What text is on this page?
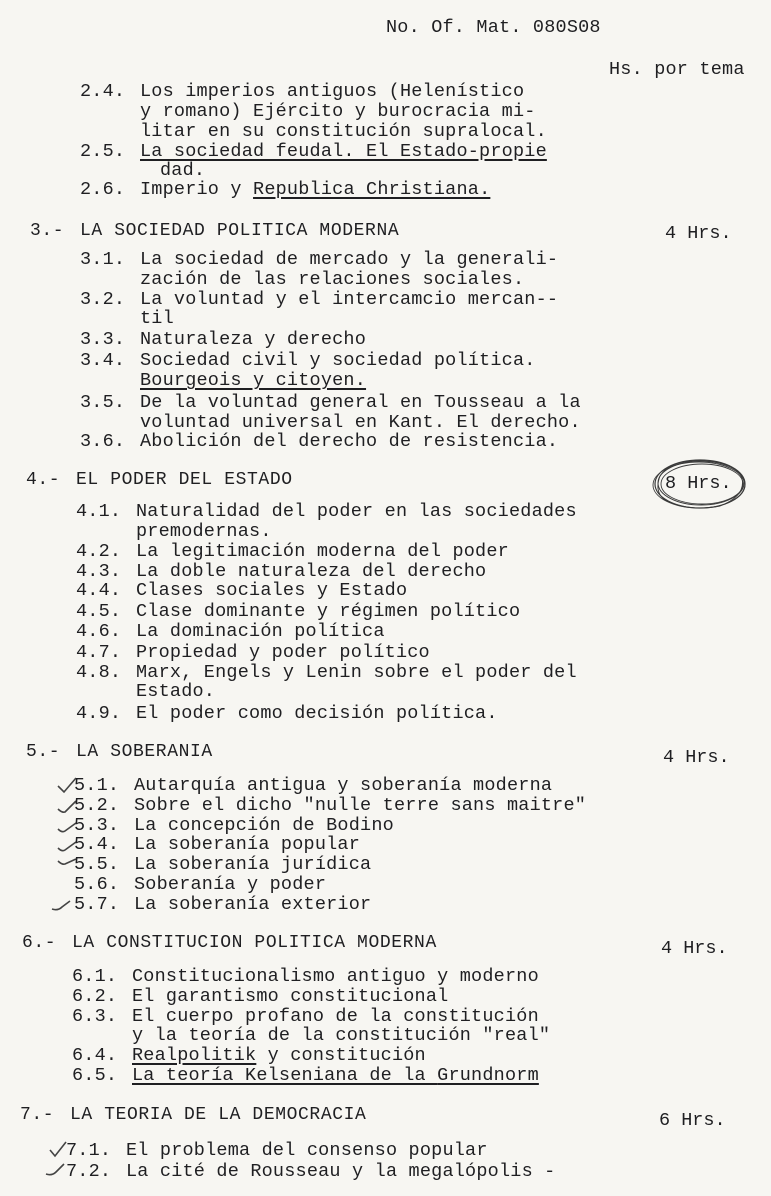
No. Of. Mat. 080S08
Hs. por tema
2.4. Los imperios antiguos (Helenístico
y romano) Ejército y burocracia mi-
litar en su constitución supralocal.
2.5. La sociedad feudal. El Estado-propie
dad.
2.6. Imperio y Republica Christiana.
3.- LA SOCIEDAD POLITICA MODERNA	4 Hrs.
3.1. La sociedad de mercado y la generali-
zación de las relaciones sociales.
3.2. La voluntad y el intercamcio mercan--
til
3.3. Naturaleza y derecho
3.4. Sociedad civil y sociedad política.
Bourgeois y citoyen.
3.5. De la voluntad general en Tousseau a la
voluntad universal en Kant. El derecho.
3.6. Abolición del derecho de resistencia.
4.- EL PODER DEL ESTADO	8 Hrs.
4.1. Naturalidad del poder en las sociedades
premodernas.
4.2. La legitimación moderna del poder
4.3. La doble naturaleza del derecho
4.4. Clases sociales y Estado
4.5. Clase dominante y régimen político
4.6. La dominación política
4.7. Propiedad y poder político
4.8. Marx, Engels y Lenin sobre el poder del
Estado.
4.9. El poder como decisión política.
5.- LA SOBERANIA	4 Hrs.
5.1. Autarquía antigua y soberanía moderna
5.2. Sobre el dicho "nulle terre sans maitre"
5.3. La concepción de Bodino
5.4. La soberanía popular
5.5. La soberanía jurídica
5.6. Soberanía y poder
5.7. La soberanía exterior
6.- LA CONSTITUCION POLITICA MODERNA	4 Hrs.
6.1. Constitucionalismo antiguo y moderno
6.2. El garantismo constitucional
6.3. El cuerpo profano de la constitución
y la teoría de la constitución "real"
6.4. Realpolitik y constitución
6.5. La teoría Kelseniana de la Grundnorm
7.- LA TEORIA DE LA DEMOCRACIA	6 Hrs.
7.1. El problema del consenso popular
7.2. La cité de Rousseau y la megalópolis -
